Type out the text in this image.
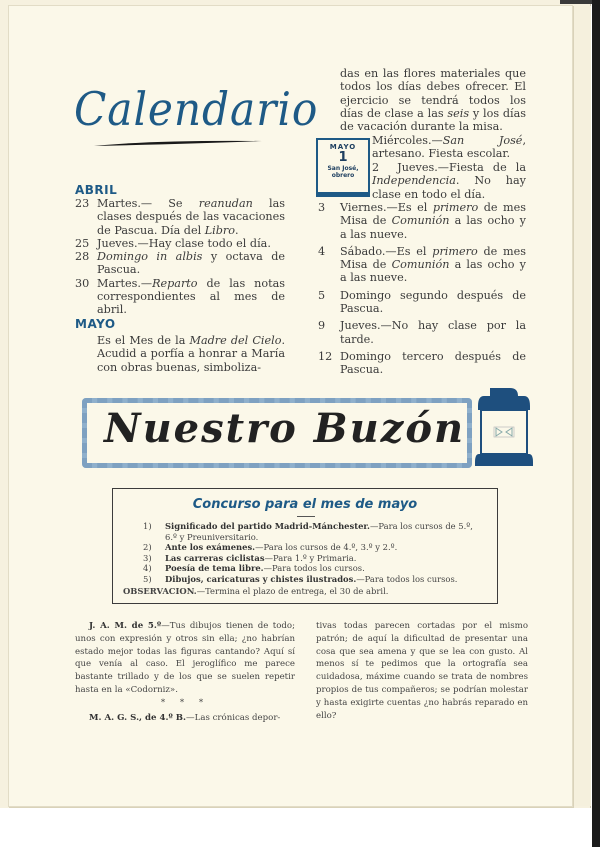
Calendario
ABRIL
23 Martes.— Se reanudan las clases después de las vacaciones de Pascua. Día del Libro.
25 Jueves.—Hay clase todo el día.
28 Domingo in albis y octava de Pascua.
30 Martes.—Reparto de las notas correspondientes al mes de abril.
MAYO
Es el Mes de la Madre del Cielo. Acudid a porfía a honrar a María con obras buenas, simboliza-
das en las flores materiales que todos los días debes ofrecer. El ejercicio se tendrá todos los días de clase a las seis y los días de vacación durante la misa.
MAYO
1
San José,
obrero
Miércoles.—San José, artesano. Fiesta escolar.
2  Jueves.—Fiesta de la Independencia. No hay clase en todo el día.
3	Viernes.—Es el primero de mes Misa de Comunión a las ocho y a las nueve.
4	Sábado.—Es el primero de mes Misa de Comunión a las ocho y a las nueve.
5	Domingo segundo después de Pascua.
9	Jueves.—No hay clase por la tarde.
12 Domingo tercero después de Pascua.
Nuestro Buzón
Concurso para el mes de mayo
1)	Significado del partido Madrid-Mánchester.—Para los cursos de 5.º, 6.º y Preuniversitario.
2)	Ante los exámenes.—Para los cursos de 4.º, 3.º y 2.º.
3)	Las carreras ciclistas—Para 1.º y Primaria.
4)	Poesía de tema libre.—Para todos los cursos.
5)	Dibujos, caricaturas y chistes ilustrados.—Para todos los cursos.
OBSERVACION.—Termina el plazo de entrega, el 30 de abril.
J. A. M. de 5.º—Tus dibujos tienen de todo; unos con expresión y otros sin ella; ¿no habrían estado mejor todas las figuras cantando? Aquí sí que venía al caso. El jeroglífico me parece bastante trillado y de los que se suelen repetir hasta en la «Codorniz».
* * *
M. A. G. S., de 4.º B.—Las crónicas depor-
tivas todas parecen cortadas por el mismo patrón; de aquí la dificultad de presentar una cosa que sea amena y que se lea con gusto. Al menos sí te pedimos que la ortografía sea cuidadosa, máxime cuando se trata de nombres propios de tus compañeros; se podrían molestar y hasta exigirte cuentas ¿no habrás reparado en ello?
